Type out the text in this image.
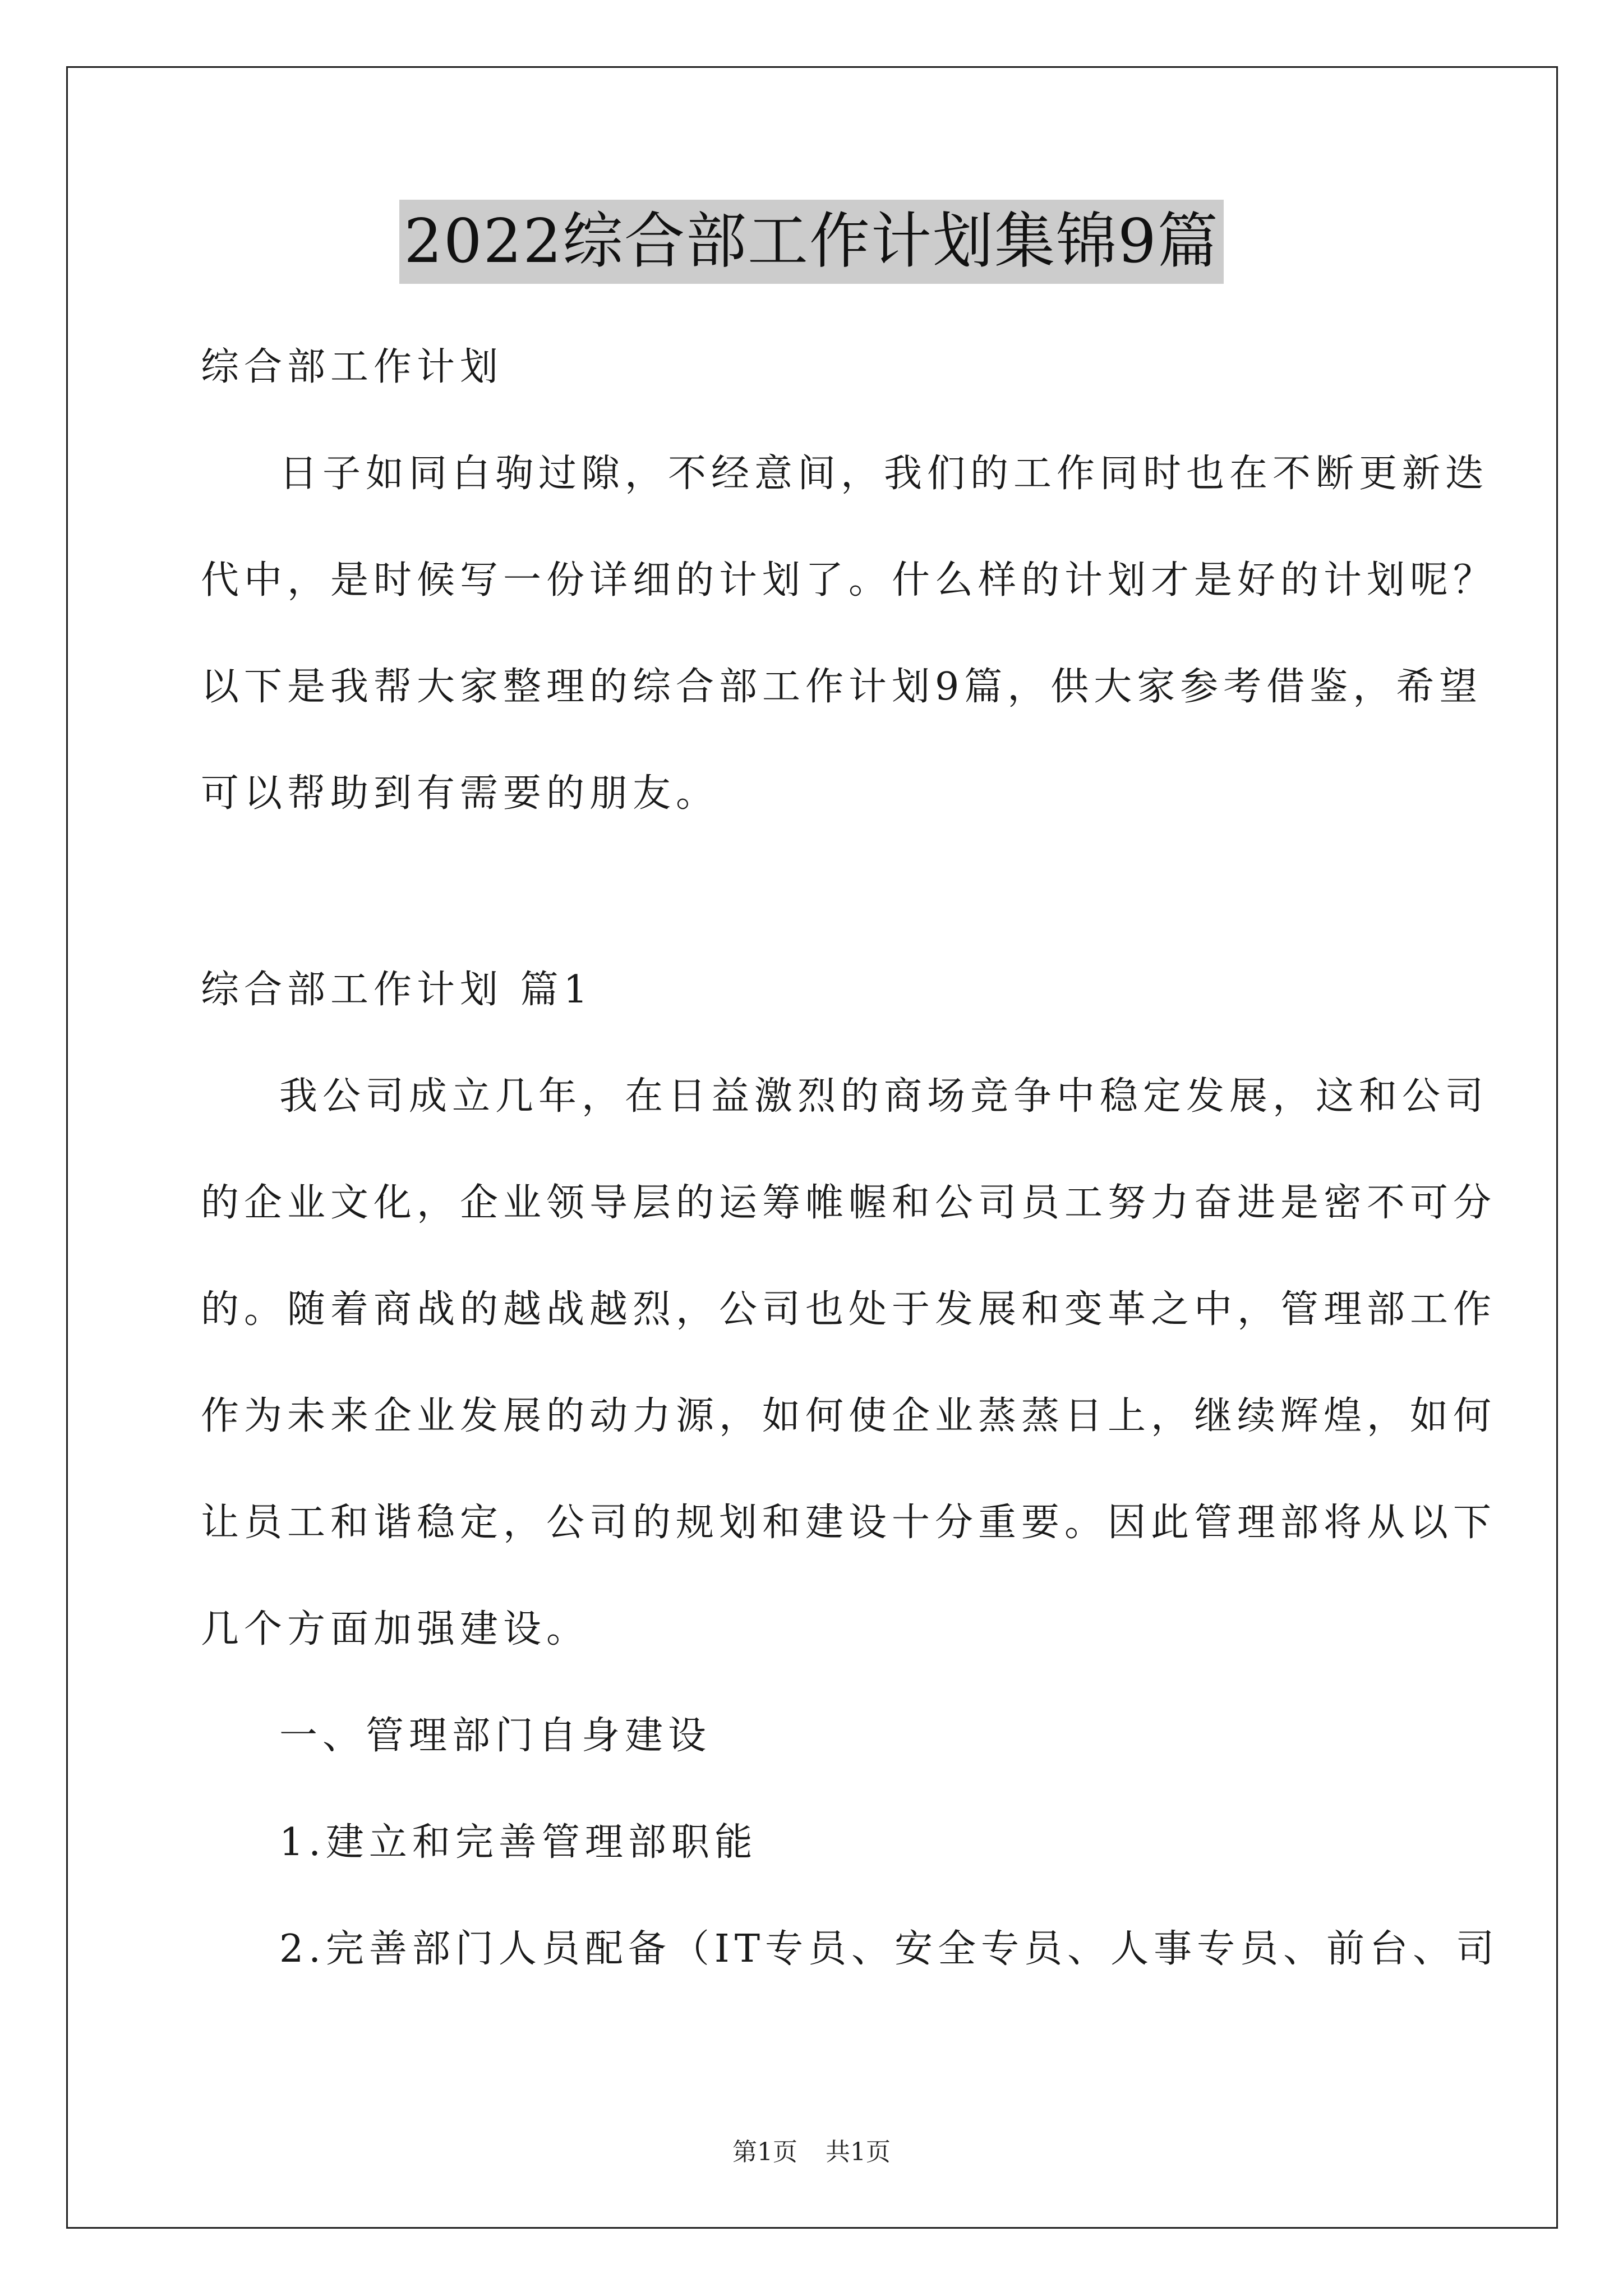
2022综合部工作计划集锦9篇
综合部工作计划
日子如同白驹过隙，不经意间，我们的工作同时也在不断更新迭
代中，是时候写一份详细的计划了。什么样的计划才是好的计划呢？
以下是我帮大家整理的综合部工作计划9篇，供大家参考借鉴，希望
可以帮助到有需要的朋友。
综合部工作计划 篇1
我公司成立几年，在日益激烈的商场竞争中稳定发展，这和公司
的企业文化，企业领导层的运筹帷幄和公司员工努力奋进是密不可分
的。随着商战的越战越烈，公司也处于发展和变革之中，管理部工作
作为未来企业发展的动力源，如何使企业蒸蒸日上，继续辉煌，如何
让员工和谐稳定，公司的规划和建设十分重要。因此管理部将从以下
几个方面加强建设。
一、管理部门自身建设
1.建立和完善管理部职能
2.完善部门人员配备（IT专员、安全专员、人事专员、前台、司
第1页 共1页
